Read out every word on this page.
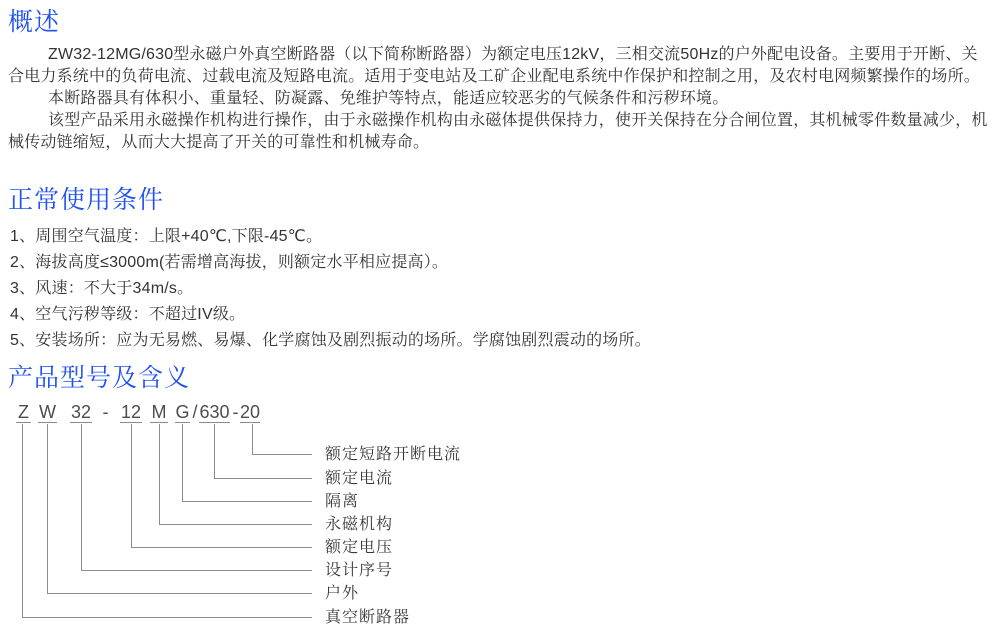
概述

ZW32-12MG/630型永磁户外真空断路器（以下简称断路器）为额定电压12kV，三相交流50Hz的户外配电设备。主要用于开断、关合电力系统中的负荷电流、过载电流及短路电流。适用于变电站及工矿企业配电系统中作保护和控制之用，及农村电网频繁操作的场所。

本断路器具有体积小、重量轻、防凝露、免维护等特点，能适应较恶劣的气候条件和污秽环境。

该型产品采用永磁操作机构进行操作，由于永磁操作机构由永磁体提供保持力，使开关保持在分合闸位置，其机械零件数量减少，机械传动链缩短，从而大大提高了开关的可靠性和机械寿命。

正常使用条件
1、周围空气温度：上限+40℃,下限-45℃。
2、海拔高度≤3000m(若需增高海拔，则额定水平相应提高）。
3、风速：不大于34m/s。
4、空气污秽等级：不超过IV级。
5、安装场所：应为无易燃、易爆、化学腐蚀及剧烈振动的场所。学腐蚀剧烈震动的场所。
产品型号及含义
Z W 32 - 12 M G / 630 - 20
额定短路开断电流
额定电流
隔离
永磁机构
额定电压
设计序号
户外
真空断路器
